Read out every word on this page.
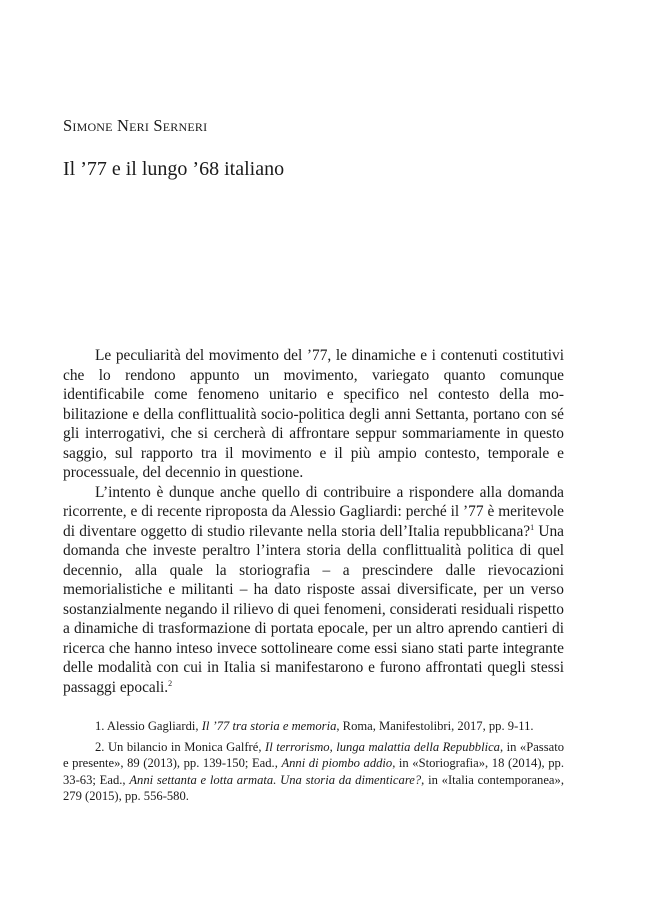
Simone Neri Serneri
Il ’77 e il lungo ’68 italiano

Le peculiarità del movimento del ’77, le dinamiche e i contenuti costitutivi che lo rendono appunto un movimento, variegato quanto comunque identificabile come fenomeno unitario e specifico nel contesto della mobilitazione e della conflittualità socio-politica degli anni Settanta, portano con sé gli interrogativi, che si cercherà di affrontare seppur sommariamente in questo saggio, sul rapporto tra il movimento e il più ampio contesto, temporale e processuale, del decennio in questione.

L’intento è dunque anche quello di contribuire a rispondere alla domanda ricorrente, e di recente riproposta da Alessio Gagliardi: perché il ’77 è meritevole di diventare oggetto di studio rilevante nella storia dell’Italia repubblicana?$^1$ Una domanda che investe peraltro l’intera storia della conflittualità politica di quel decennio, alla quale la storiografia – a prescindere dalle rievocazioni memorialistiche e militanti – ha dato risposte assai diversificate, per un verso sostanzialmente negando il rilievo di quei fenomeni, considerati residuali rispetto a dinamiche di trasformazione di portata epocale, per un altro aprendo cantieri di ricerca che hanno inteso invece sottolineare come essi siano stati parte integrante delle modalità con cui in Italia si manifestarono e furono affrontati quegli stessi passaggi epocali.$^2$

1. Alessio Gagliardi, Il ’77 tra storia e memoria, Roma, Manifestolibri, 2017, pp. 9-11.

2. Un bilancio in Monica Galfré, Il terrorismo, lunga malattia della Repubblica, in «Passato e presente», 89 (2013), pp. 139-150; Ead., Anni di piombo addio, in «Storiografia», 18 (2014), pp. 33-63; Ead., Anni settanta e lotta armata. Una storia da dimenticare?, in «Italia contemporanea», 279 (2015), pp. 556-580.
